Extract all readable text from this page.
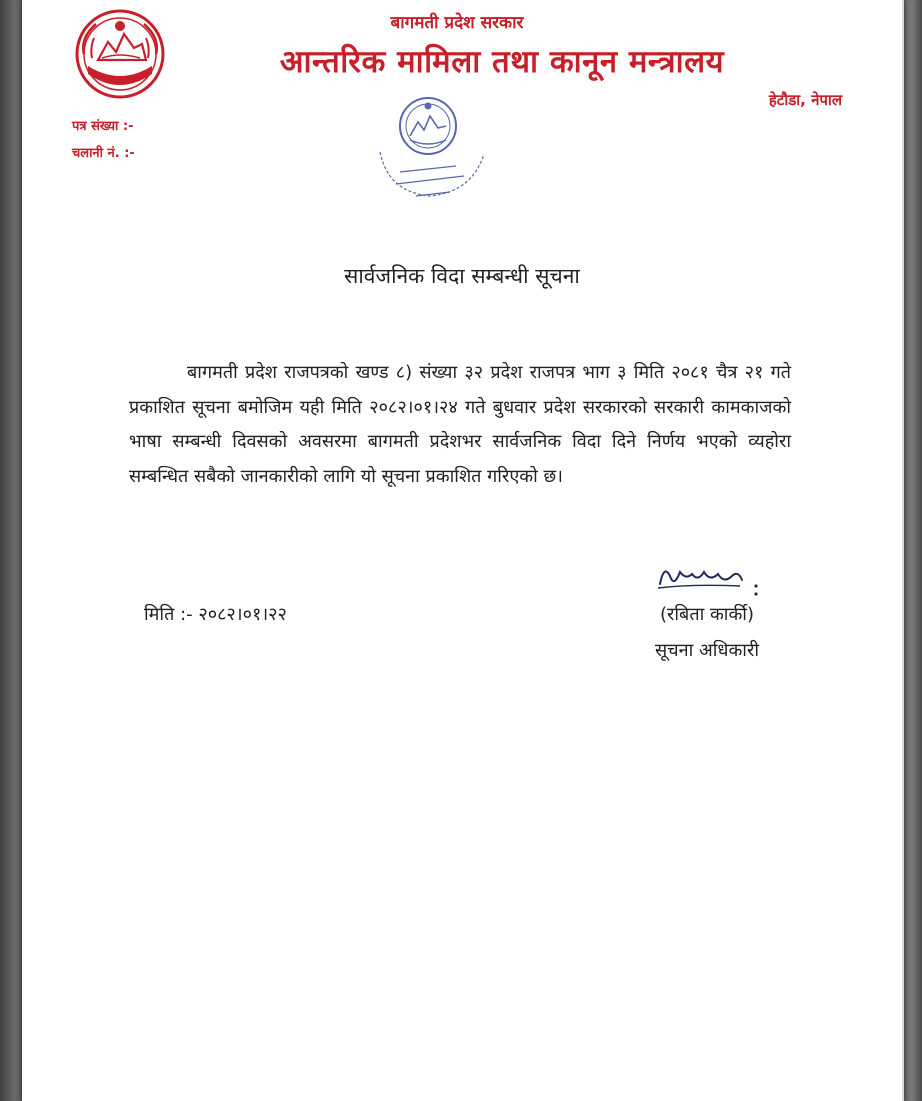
बागमती प्रदेश सरकार
आन्तरिक मामिला तथा कानून मन्त्रालय
हेटौडा, नेपाल
पत्र संख्या :-
चलानी नं. :-
सार्वजनिक विदा सम्बन्धी सूचना
बागमती प्रदेश राजपत्रको खण्ड ८) संख्या ३२ प्रदेश राजपत्र भाग ३ मिति २०८१ चैत्र २१ गते प्रकाशित सूचना बमोजिम यही मिति २०८२।०१।२४ गते बुधवार प्रदेश सरकारको सरकारी कामकाजको भाषा सम्बन्धी दिवसको अवसरमा बागमती प्रदेशभर सार्वजनिक विदा दिने निर्णय भएको व्यहोरा सम्बन्धित सबैको जानकारीको लागि यो सूचना प्रकाशित गरिएको छ।
मिति :- २०८२।०१।२२	(रबिता कार्की)
सूचना अधिकारी
